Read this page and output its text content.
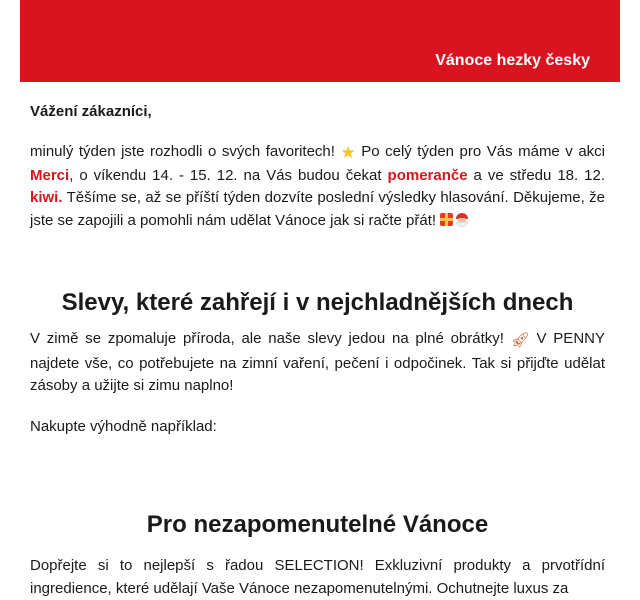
Vánoce hezky česky
Vážení zákazníci,
minulý týden jste rozhodli o svých favoritech! ★ Po celý týden pro Vás máme v akci Merci, o víkendu 14. - 15. 12. na Vás budou čekat pomeranče a ve středu 18. 12. kiwi. Těšíme se, až se příští týden dozvíte poslední výsledky hlasování. Děkujeme, že jste se zapojili a pomohli nám udělat Vánoce jak si račte přát!
Slevy, které zahřejí i v nejchladnějších dnech
V zimě se zpomaluje příroda, ale naše slevy jedou na plné obrátky! 🚀︎ V PENNY najdete vše, co potřebujete na zimní vaření, pečení i odpočinek. Tak si přijďte udělat zásoby a užijte si zimu naplno!
Nakupte výhodně například:
Pro nezapomenutelné Vánoce
Dopřejte si to nejlepší s řadou SELECTION! Exkluzivní produkty a prvotřídní ingredience, které udělají Vaše Vánoce nezapomenutelnými. Ochutnejte luxus za
